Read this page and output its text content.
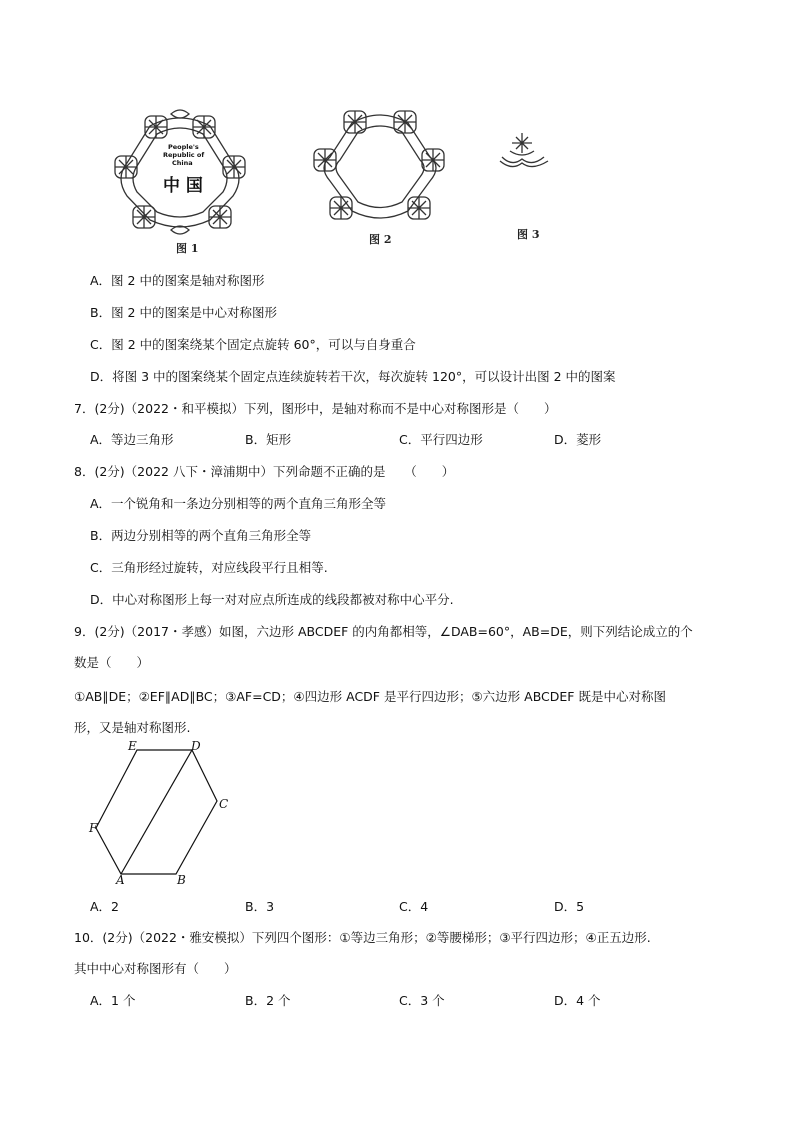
People's
Republic of
China
中 国
图 1
图 2	图 3
A．图 2 中的图案是轴对称图形
B．图 2 中的图案是中心对称图形
C．图 2 中的图案绕某个固定点旋转 60°，可以与自身重合
D．将图 3 中的图案绕某个固定点连续旋转若干次，每次旋转 120°，可以设计出图 2 中的图案
7．(2分)（2022・和平模拟）下列，图形中，是轴对称而不是中心对称图形是（　　）
A．等边三角形	B．矩形	C．平行四边形	D．菱形
8．(2分)（2022 八下・漳浦期中）下列命题不正确的是　　（　　）
A．一个锐角和一条边分别相等的两个直角三角形全等
B．两边分别相等的两个直角三角形全等
C．三角形经过旋转，对应线段平行且相等.
D．中心对称图形上每一对对应点所连成的线段都被对称中心平分.
9．(2分)（2017・孝感）如图，六边形 ABCDEF 的内角都相等，∠DAB=60°，AB=DE，则下列结论成立的个
数是（　　）
①AB∥DE；②EF∥AD∥BC；③AF=CD；④四边形 ACDF 是平行四边形；⑤六边形 ABCDEF 既是中心对称图
形，又是轴对称图形.
E	D
C
F
A	B
A．2	B．3	C．4	D．5
10．(2分)（2022・雅安模拟）下列四个图形：①等边三角形；②等腰梯形；③平行四边形；④正五边形.
其中中心对称图形有（　　）
A．1 个	B．2 个	C．3 个	D．4 个
